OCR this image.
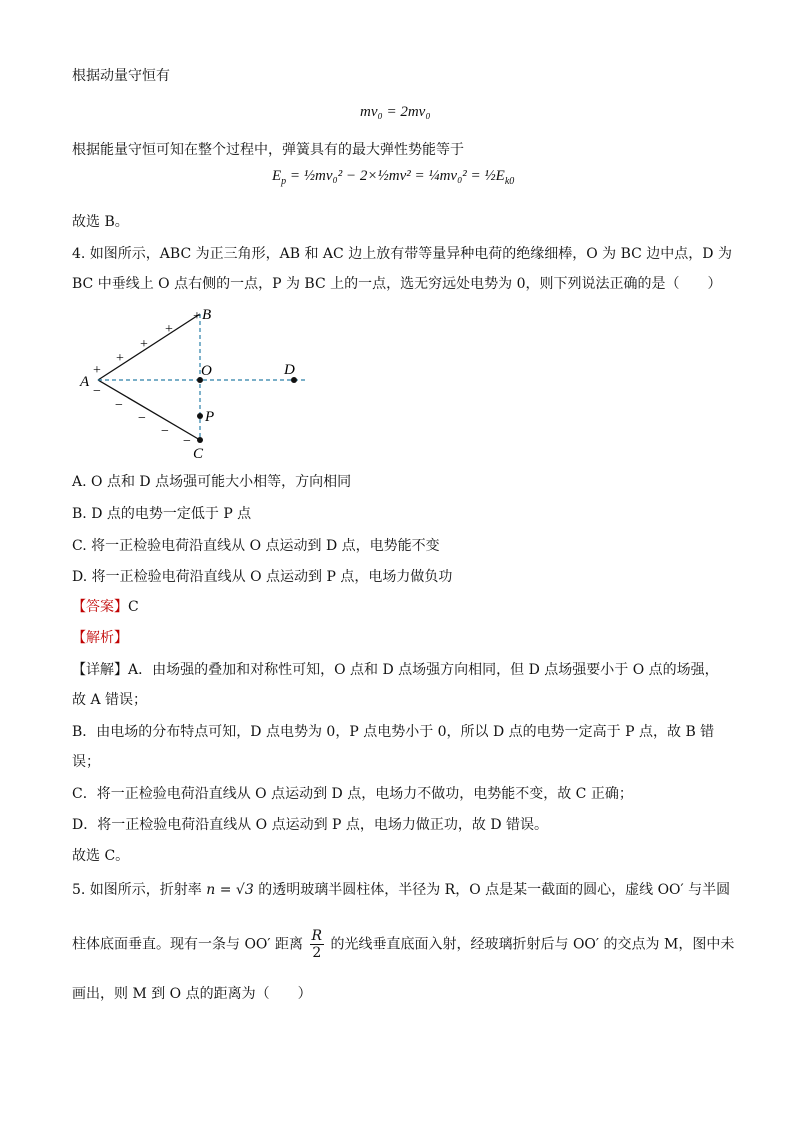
根据动量守恒有
mv₀ = 2mv₀
根据能量守恒可知在整个过程中，弹簧具有的最大弹性势能等于
$E_p$ = ½mv₀² − 2×½mv² = ¼mv₀² = $\frac{1}{2}E_{k0}$
故选 B。
4. 如图所示，ABC 为正三角形，AB 和 AC 边上放有带等量异种电荷的绝缘细棒，O 为 BC 边中点，D 为
BC 中垂线上 O 点右侧的一点，P 为 BC 上的一点，选无穷远处电势为 0，则下列说法正确的是（　　）
+
+
+
+
+
−
−
−
−
−
B
A
O	D
P
C
A. O 点和 D 点场强可能大小相等，方向相同
B. D 点的电势一定低于 P 点
C. 将一正检验电荷沿直线从 O 点运动到 D 点，电势能不变
D. 将一正检验电荷沿直线从 O 点运动到 P 点，电场力做负功
【答案】C
【解析】
【详解】A．由场强的叠加和对称性可知，O 点和 D 点场强方向相同，但 D 点场强要小于 O 点的场强，
故 A 错误；
B．由电场的分布特点可知，D 点电势为 0，P 点电势小于 0，所以 D 点的电势一定高于 P 点，故 B 错
误；
C．将一正检验电荷沿直线从 O 点运动到 D 点，电场力不做功，电势能不变，故 C 正确；
D．将一正检验电荷沿直线从 O 点运动到 P 点，电场力做正功，故 D 错误。
故选 C。
5. 如图所示，折射率 n = √3 的透明玻璃半圆柱体，半径为 R，O 点是某一截面的圆心，虚线 OO′ 与半圆
柱体底面垂直。现有一条与 OO′ 距离 $\frac{R}{2}$ 的光线垂直底面入射，经玻璃折射后与 OO′ 的交点为 M，图中未
画出，则 M 到 O 点的距离为（　　）
